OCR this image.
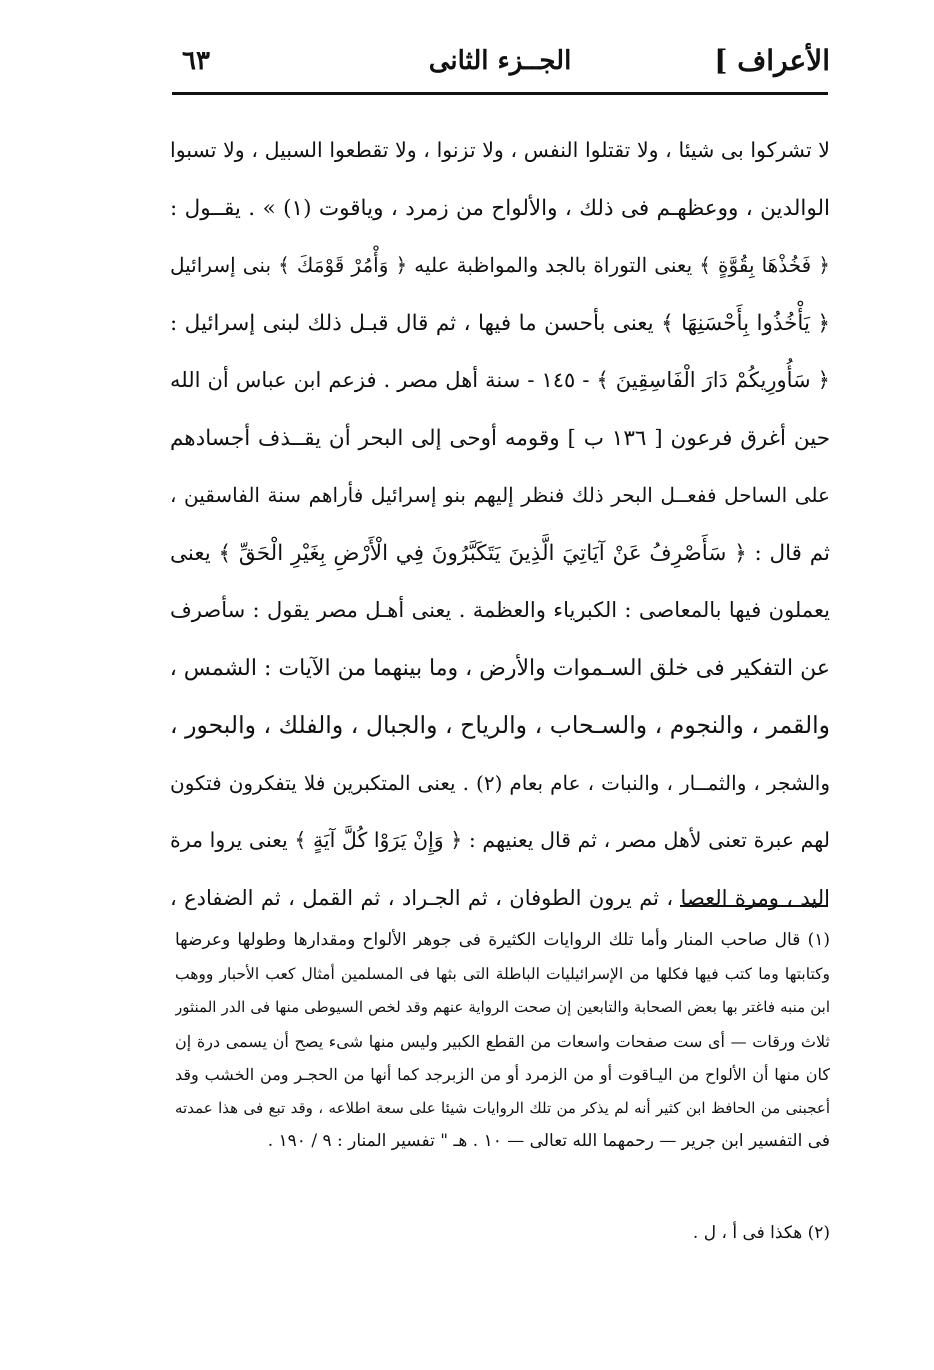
الأعراف ]
الجــزء الثانى
٦٣
لا تشركوا بى شيئا ، ولا تقتلوا النفس ، ولا تزنوا ، ولا تقطعوا السبيل ، ولا تسبوا
الوالدين ، ووعظهـم فى ذلك ، والألواح من زمرد ، وياقوت (١) » . يقــول :
﴿ فَخُذْهَا بِقُوَّةٍ ﴾ يعنى التوراة بالجد والمواظبة عليه ﴿ وَأْمُرْ قَوْمَكَ ﴾ بنى إسرائيل
﴿ يَأْخُذُوا بِأَحْسَنِهَا ﴾ يعنى بأحسن ما فيها ، ثم قال قبـل ذلك لبنى إسرائيل :
﴿ سَأُورِيكُمْ دَارَ الْفَاسِقِينَ ﴾ - ١٤٥ - سنة أهل مصر . فزعم ابن عباس أن الله
حين أغرق فرعون [ ١٣٦ ب ] وقومه أوحى إلى البحر أن يقــذف أجسادهم
على الساحل ففعــل البحر ذلك فنظر إليهم بنو إسرائيل فأراهم سنة الفاسقين ،
ثم قال : ﴿ سَأَصْرِفُ عَنْ آيَاتِيَ الَّذِينَ يَتَكَبَّرُونَ فِي الْأَرْضِ بِغَيْرِ الْحَقِّ ﴾ يعنى
يعملون فيها بالمعاصى : الكبرياء والعظمة . يعنى أهـل مصر يقول : سأصرف
عن التفكير فى خلق السـموات والأرض ، وما بينهما من الآيات : الشمس ،
والقمر ، والنجوم ، والسـحاب ، والرياح ، والجبال ، والفلك ، والبحور ،
والشجر ، والثمــار ، والنبات ، عام بعام (٢) . يعنى المتكبرين فلا يتفكرون فتكون
لهم عبرة تعنى لأهل مصر ، ثم قال يعنيهم : ﴿ وَإِنْ يَرَوْا كُلَّ آيَةٍ ﴾ يعنى يروا مرة
اليد ، ومرة العصا ، ثم يرون الطوفان ، ثم الجـراد ، ثم القمل ، ثم الضفادع ،
(١) قال صاحب المنار وأما تلك الروايات الكثيرة فى جوهر الألواح ومقدارها وطولها وعرضها
وكتابتها وما كتب فيها فكلها من الإسرائيليات الباطلة التى بثها فى المسلمين أمثال كعب الأحبار ووهب
ابن منبه فاغتر بها بعض الصحابة والتابعين إن صحت الرواية عنهم وقد لخص السيوطى منها فى الدر المنثور
ثلاث ورقات — أى ست صفحات واسعات من القطع الكبير وليس منها شىء يصح أن يسمى درة إن
كان منها أن الألواح من اليـاقوت أو من الزمرد أو من الزبرجد كما أنها من الحجـر ومن الخشب وقد
أعجبنى من الحافظ ابن كثير أنه لم يذكر من تلك الروايات شيئا على سعة اطلاعه ، وقد تبع فى هذا عمدته
فى التفسير ابن جرير — رحمهما الله تعالى — ١٠ . هـ " تفسير المنار : ٩ / ١٩٠ .
(٢) هكذا فى أ ، ل .
